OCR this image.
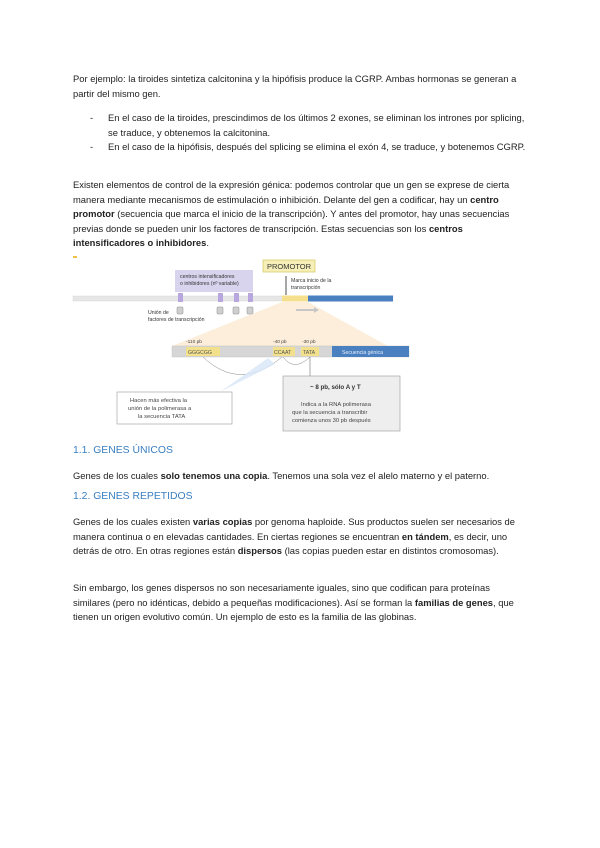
Por ejemplo: la tiroides sintetiza calcitonina y la hipófisis produce la CGRP. Ambas hormonas se generan a partir del mismo gen.

- En el caso de la tiroides, prescindimos de los últimos 2 exones, se eliminan los intrones por splicing, se traduce, y obtenemos la calcitonina.
- En el caso de la hipófisis, después del splicing se elimina el exón 4, se traduce, y botenemos CGRP.

Existen elementos de control de la expresión génica: podemos controlar que un gen se exprese de cierta manera mediante mecanismos de estimulación o inhibición. Delante del gen a codificar, hay un centro promotor (secuencia que marca el inicio de la transcripción). Y antes del promotor, hay unas secuencias previas donde se pueden unir los factores de transcripción. Estas secuencias son los centros intensificadores o inhibidores.

centros intensificadores
o inhibidores (nº variable)
PROMOTOR
Marca inicio de la
transcripción
Unión de
factores de transcripción
Secuencia génica
-110 pb
GGGCGG
-40 pb
CCAAT
-30 pb
TATA
Hacen más efectiva la
unión de la polimerasa a
la secuencia TATA
~ 8 pb, sólo A y T
Indica a la RNA polimerasa
que la secuencia a transcribir
comienza unos 30 pb después
1.1. GENES ÚNICOS

Genes de los cuales solo tenemos una copia. Tenemos una sola vez el alelo materno y el paterno.

1.2. GENES REPETIDOS

Genes de los cuales existen varias copias por genoma haploide. Sus productos suelen ser necesarios de manera continua o en elevadas cantidades. En ciertas regiones se encuentran en tándem, es decir, uno detrás de otro. En otras regiones están dispersos (las copias pueden estar en distintos cromosomas).

Sin embargo, los genes dispersos no son necesariamente iguales, sino que codifican para proteínas similares (pero no idénticas, debido a pequeñas modificaciones). Así se forman la familias de genes, que tienen un origen evolutivo común. Un ejemplo de esto es la familia de las globinas.
